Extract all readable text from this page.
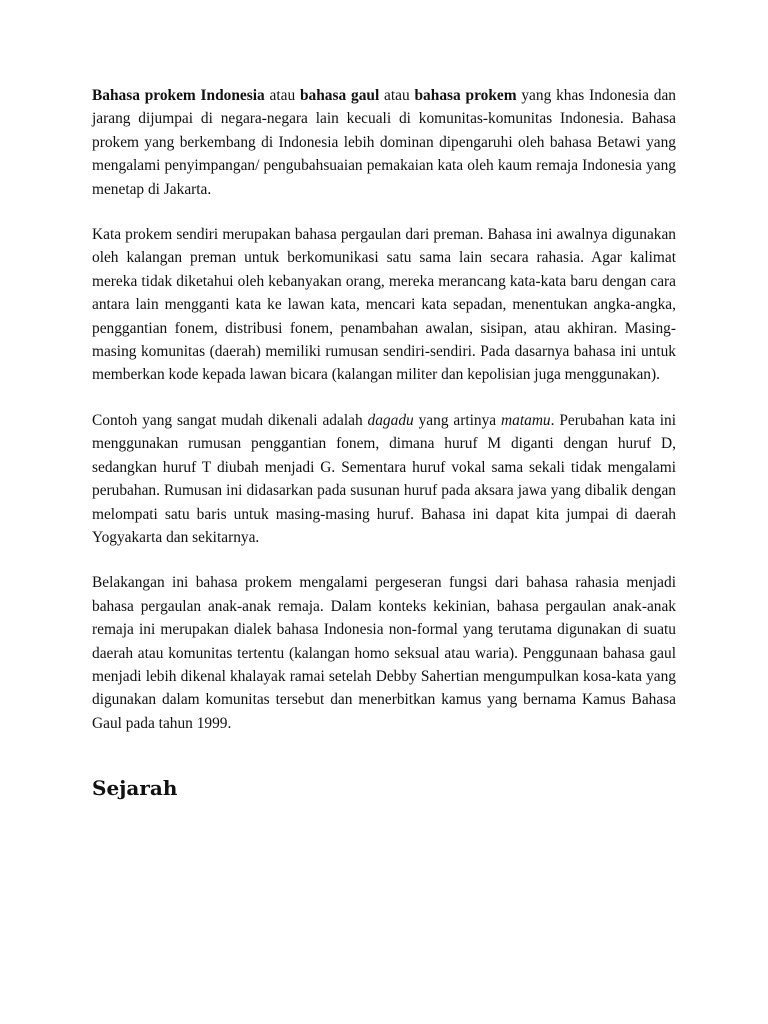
Bahasa prokem Indonesia atau bahasa gaul atau bahasa prokem yang khas Indonesia dan jarang dijumpai di negara-negara lain kecuali di komunitas-komunitas Indonesia. Bahasa prokem yang berkembang di Indonesia lebih dominan dipengaruhi oleh bahasa Betawi yang mengalami penyimpangan/ pengubahsuaian pemakaian kata oleh kaum remaja Indonesia yang menetap di Jakarta.

Kata prokem sendiri merupakan bahasa pergaulan dari preman. Bahasa ini awalnya digunakan oleh kalangan preman untuk berkomunikasi satu sama lain secara rahasia. Agar kalimat mereka tidak diketahui oleh kebanyakan orang, mereka merancang kata-kata baru dengan cara antara lain mengganti kata ke lawan kata, mencari kata sepadan, menentukan angka-angka, penggantian fonem, distribusi fonem, penambahan awalan, sisipan, atau akhiran. Masing-masing komunitas (daerah) memiliki rumusan sendiri-sendiri. Pada dasarnya bahasa ini untuk memberkan kode kepada lawan bicara (kalangan militer dan kepolisian juga menggunakan).

Contoh yang sangat mudah dikenali adalah dagadu yang artinya matamu. Perubahan kata ini menggunakan rumusan penggantian fonem, dimana huruf M diganti dengan huruf D, sedangkan huruf T diubah menjadi G. Sementara huruf vokal sama sekali tidak mengalami perubahan. Rumusan ini didasarkan pada susunan huruf pada aksara jawa yang dibalik dengan melompati satu baris untuk masing-masing huruf. Bahasa ini dapat kita jumpai di daerah Yogyakarta dan sekitarnya.

Belakangan ini bahasa prokem mengalami pergeseran fungsi dari bahasa rahasia menjadi bahasa pergaulan anak-anak remaja. Dalam konteks kekinian, bahasa pergaulan anak-anak remaja ini merupakan dialek bahasa Indonesia non-formal yang terutama digunakan di suatu daerah atau komunitas tertentu (kalangan homo seksual atau waria). Penggunaan bahasa gaul menjadi lebih dikenal khalayak ramai setelah Debby Sahertian mengumpulkan kosa-kata yang digunakan dalam komunitas tersebut dan menerbitkan kamus yang bernama Kamus Bahasa Gaul pada tahun 1999.

Sejarah
